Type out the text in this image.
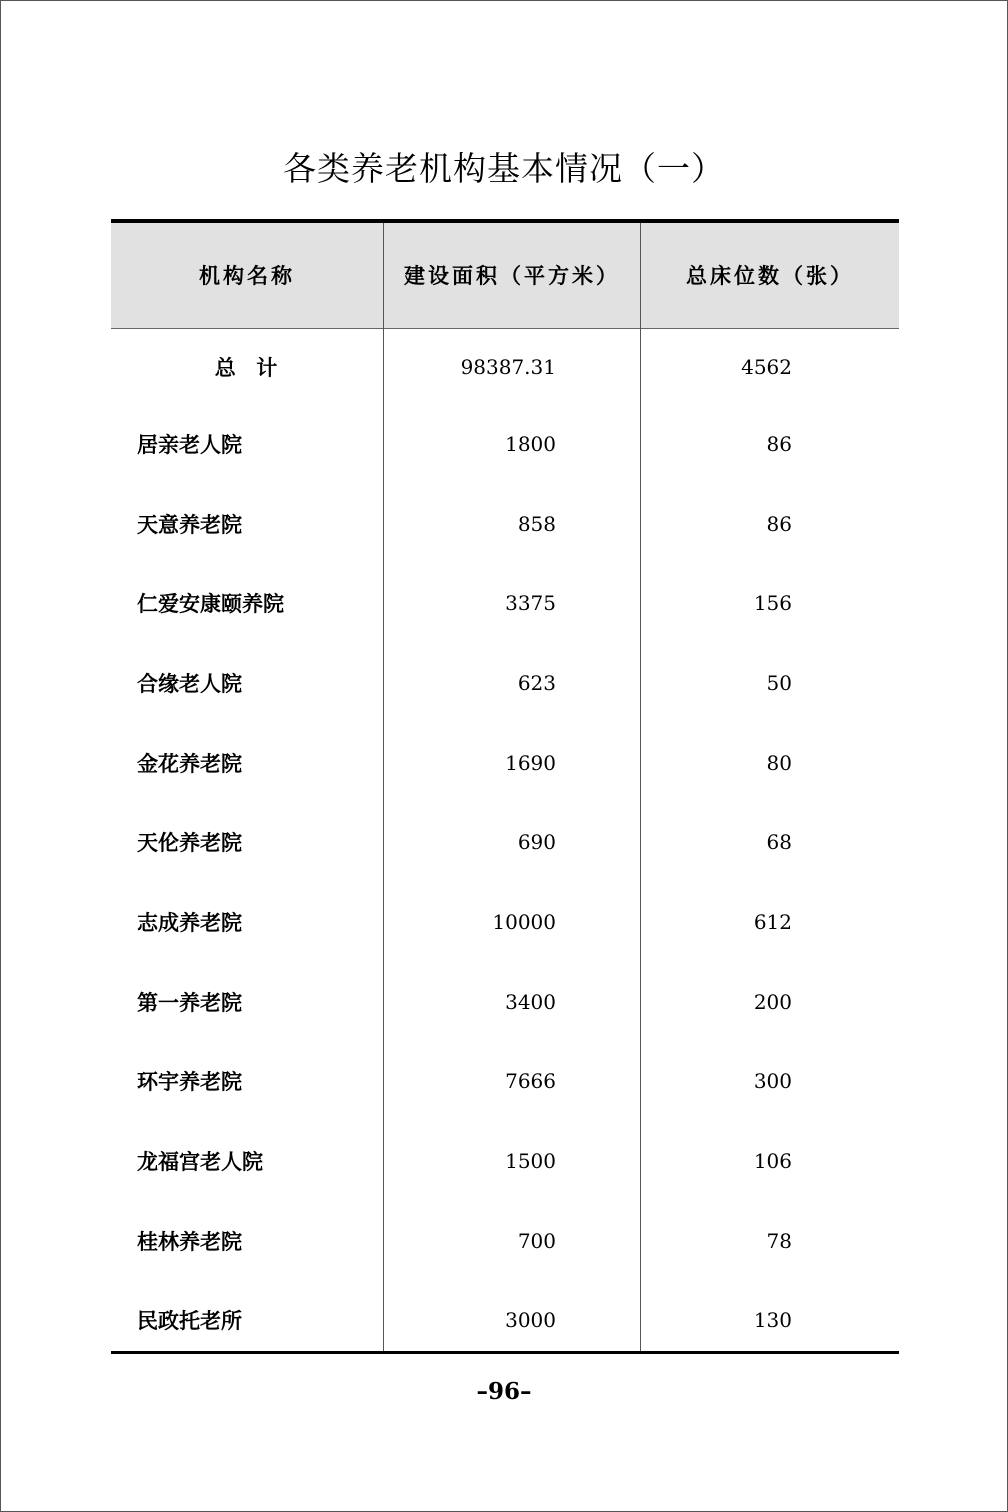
各类养老机构基本情况（一）
机构名称	建设面积（平方米）	总床位数（张）
总  计	98387.31	4562
居亲老人院	1800	86
天意养老院	858	86
仁爱安康颐养院	3375	156
合缘老人院	623	50
金花养老院	1690	80
天伦养老院	690	68
志成养老院	10000	612
第一养老院	3400	200
环宇养老院	7666	300
龙福宫老人院	1500	106
桂林养老院	700	78
民政托老所	3000	130
–96–
